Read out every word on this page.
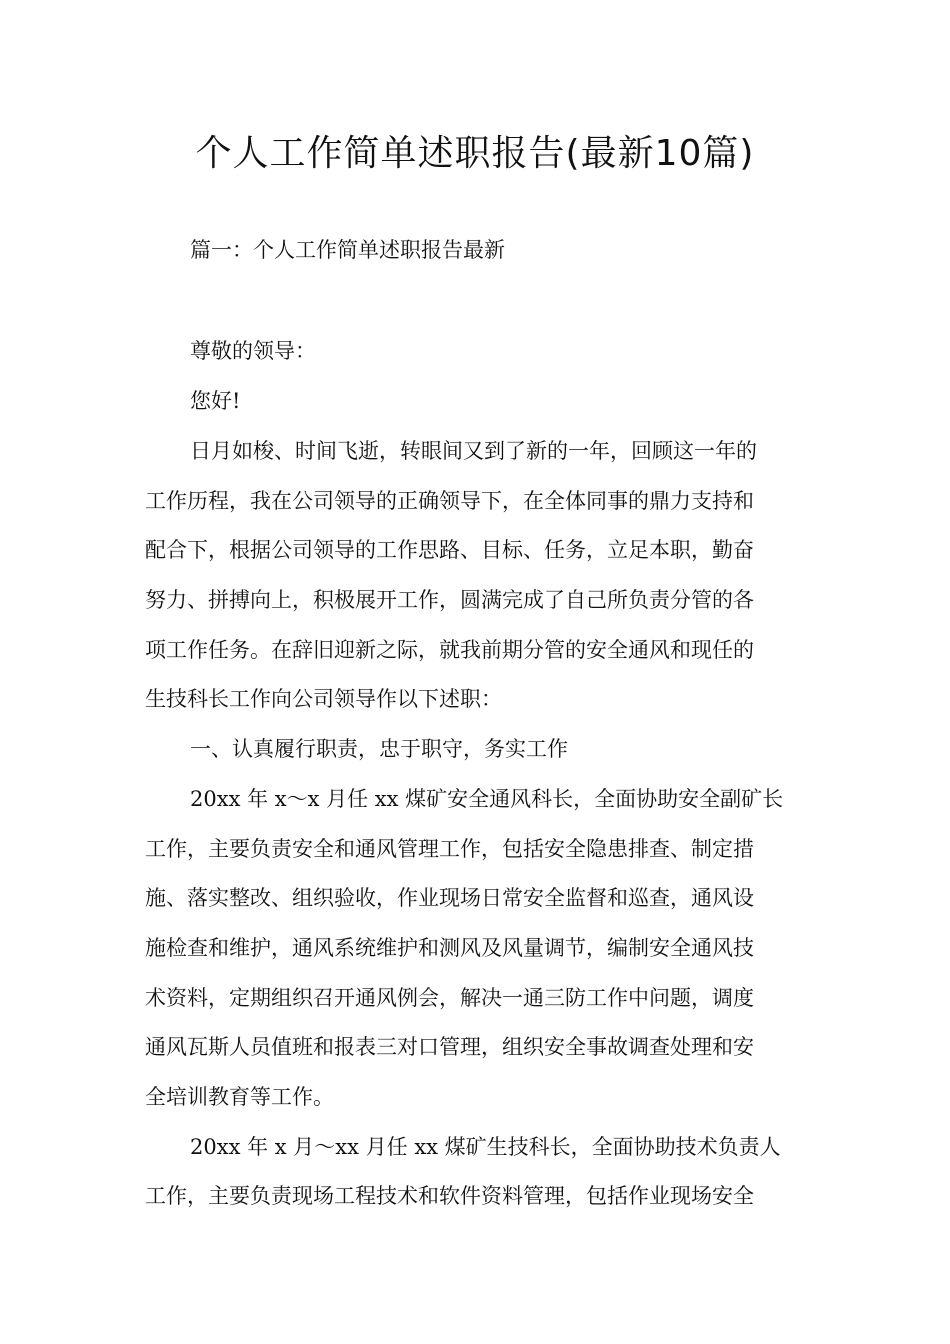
个人工作简单述职报告(最新10篇)
篇一：个人工作简单述职报告最新
尊敬的领导：
您好!
日月如梭、时间飞逝，转眼间又到了新的一年，回顾这一年的
工作历程，我在公司领导的正确领导下，在全体同事的鼎力支持和
配合下，根据公司领导的工作思路、目标、任务，立足本职，勤奋
努力、拼搏向上，积极展开工作，圆满完成了自己所负责分管的各
项工作任务。在辞旧迎新之际，就我前期分管的安全通风和现任的
生技科长工作向公司领导作以下述职：
一、认真履行职责，忠于职守，务实工作
20xx 年 x～x 月任 xx 煤矿安全通风科长，全面协助安全副矿长
工作，主要负责安全和通风管理工作，包括安全隐患排查、制定措
施、落实整改、组织验收，作业现场日常安全监督和巡查，通风设
施检查和维护，通风系统维护和测风及风量调节，编制安全通风技
术资料，定期组织召开通风例会，解决一通三防工作中问题，调度
通风瓦斯人员值班和报表三对口管理，组织安全事故调查处理和安
全培训教育等工作。
20xx 年 x 月～xx 月任 xx 煤矿生技科长，全面协助技术负责人
工作，主要负责现场工程技术和软件资料管理，包括作业现场安全
